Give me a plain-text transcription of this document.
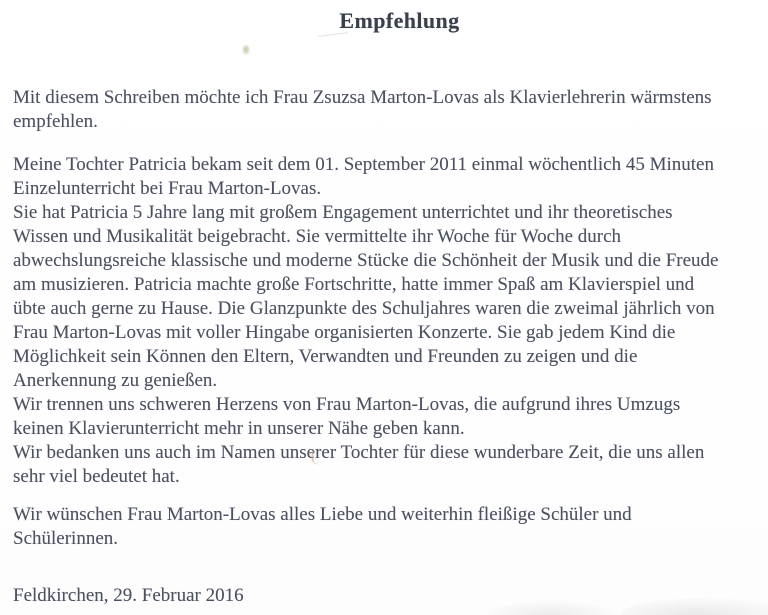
Empfehlung
Mit diesem Schreiben möchte ich Frau Zsuzsa Marton-Lovas als Klavierlehrerin wärmstens
empfehlen.
Meine Tochter Patricia bekam seit dem 01. September 2011 einmal wöchentlich 45 Minuten
Einzelunterricht bei Frau Marton-Lovas.
Sie hat Patricia 5 Jahre lang mit großem Engagement unterrichtet und ihr theoretisches
Wissen und Musikalität beigebracht. Sie vermittelte ihr Woche für Woche durch
abwechslungsreiche klassische und moderne Stücke die Schönheit der Musik und die Freude
am musizieren. Patricia machte große Fortschritte, hatte immer Spaß am Klavierspiel und
übte auch gerne zu Hause. Die Glanzpunkte des Schuljahres waren die zweimal jährlich von
Frau Marton-Lovas mit voller Hingabe organisierten Konzerte. Sie gab jedem Kind die
Möglichkeit sein Können den Eltern, Verwandten und Freunden zu zeigen und die
Anerkennung zu genießen.
Wir trennen uns schweren Herzens von Frau Marton-Lovas, die aufgrund ihres Umzugs
keinen Klavierunterricht mehr in unserer Nähe geben kann.
Wir bedanken uns auch im Namen unserer Tochter für diese wunderbare Zeit, die uns allen
sehr viel bedeutet hat.
Wir wünschen Frau Marton-Lovas alles Liebe und weiterhin fleißige Schüler und
Schülerinnen.
Feldkirchen, 29. Februar 2016
